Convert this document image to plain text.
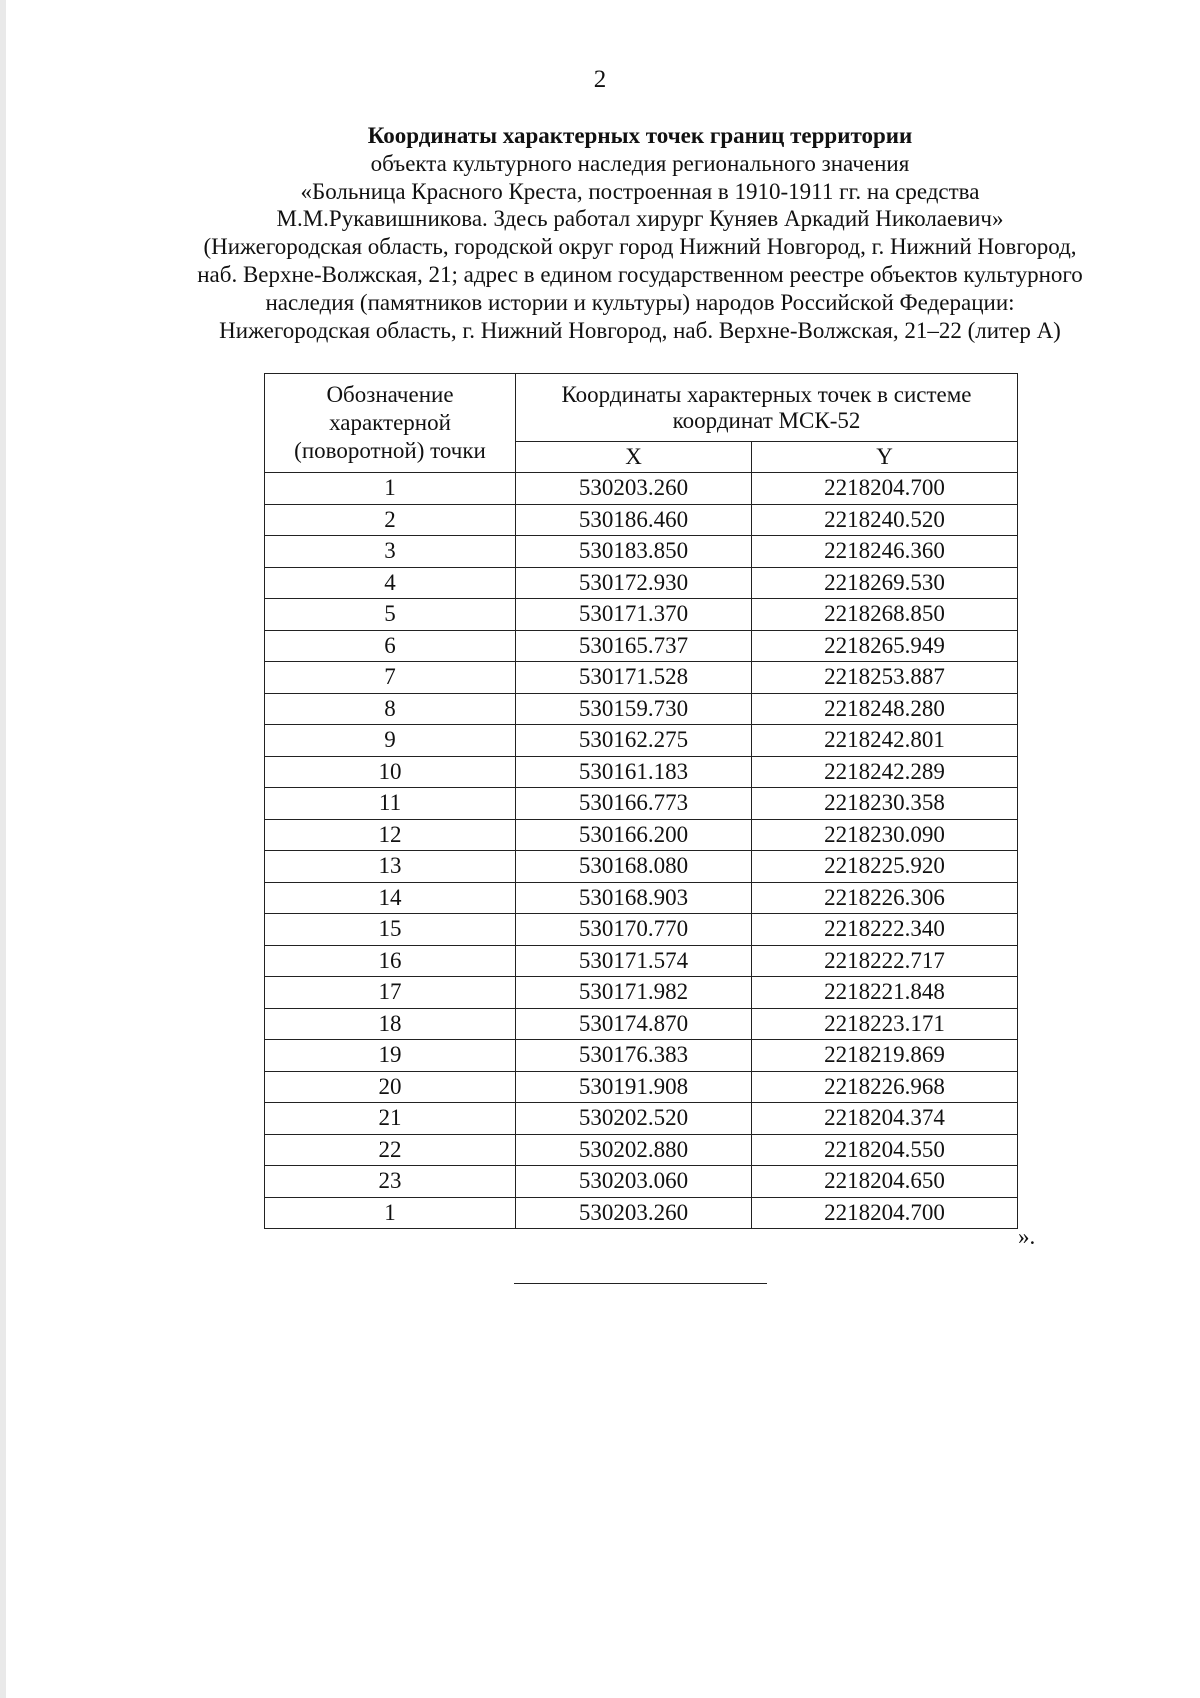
2
Координаты характерных точек границ территории
объекта культурного наследия регионального значения
«Больница Красного Креста, построенная в 1910-1911 гг. на средства
М.М.Рукавишникова. Здесь работал хирург Куняев Аркадий Николаевич»
(Нижегородская область, городской округ город Нижний Новгород, г. Нижний Новгород,
наб. Верхне-Волжская, 21; адрес в едином государственном реестре объектов культурного
наследия (памятников истории и культуры) народов Российской Федерации:
Нижегородская область, г. Нижний Новгород, наб. Верхне-Волжская, 21–22 (литер А)
Обозначение характерной (поворотной) точки	Координаты характерных точек в системе координат МСК-52	
	X	Y
1	530203.260	2218204.700
2	530186.460	2218240.520
3	530183.850	2218246.360
4	530172.930	2218269.530
5	530171.370	2218268.850
6	530165.737	2218265.949
7	530171.528	2218253.887
8	530159.730	2218248.280
9	530162.275	2218242.801
10	530161.183	2218242.289
11	530166.773	2218230.358
12	530166.200	2218230.090
13	530168.080	2218225.920
14	530168.903	2218226.306
15	530170.770	2218222.340
16	530171.574	2218222.717
17	530171.982	2218221.848
18	530174.870	2218223.171
19	530176.383	2218219.869
20	530191.908	2218226.968
21	530202.520	2218204.374
22	530202.880	2218204.550
23	530203.060	2218204.650
1	530203.260	2218204.700
».
